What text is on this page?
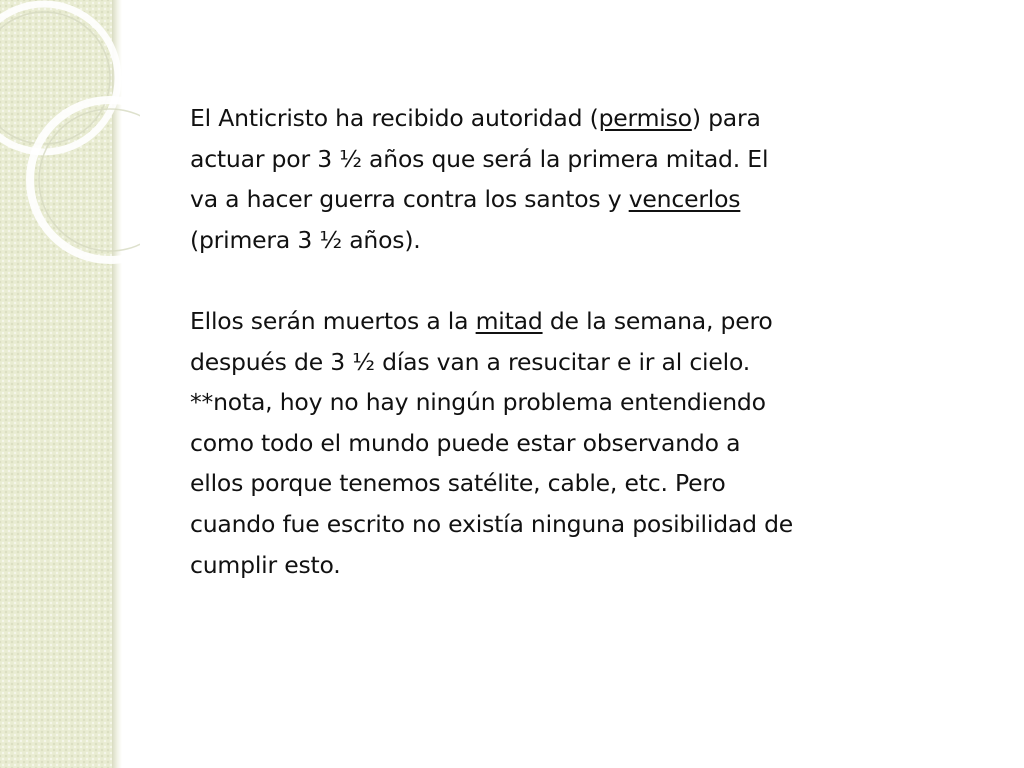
El Anticristo ha recibido autoridad (permiso) para
actuar por 3 ½ años que será la primera mitad. El
va a hacer guerra contra los santos y vencerlos
(primera 3 ½ años).

Ellos serán muertos a la mitad de la semana, pero
después de 3 ½ días van a resucitar e ir al cielo.
**nota, hoy no hay ningún problema entendiendo
como todo el mundo puede estar observando a
ellos porque tenemos satélite, cable, etc. Pero
cuando fue escrito no existía ninguna posibilidad de
cumplir esto.
